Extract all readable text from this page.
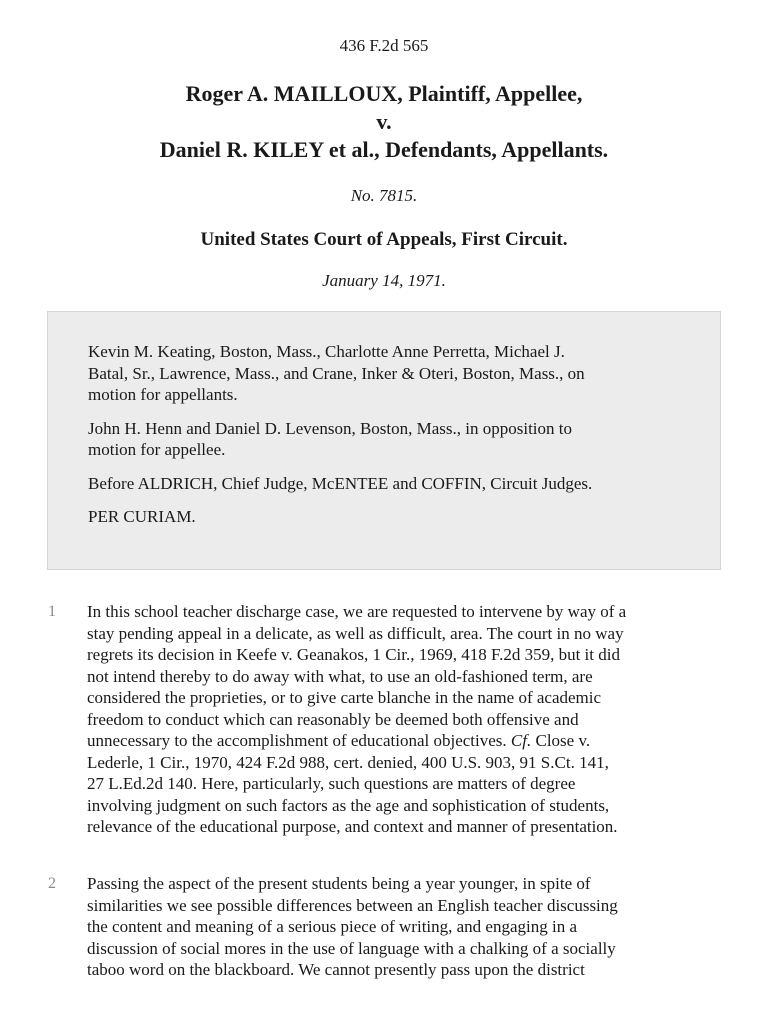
436 F.2d 565
Roger A. MAILLOUX, Plaintiff, Appellee,
v.
Daniel R. KILEY et al., Defendants, Appellants.
No. 7815.
United States Court of Appeals, First Circuit.
January 14, 1971.

Kevin M. Keating, Boston, Mass., Charlotte Anne Perretta, Michael J.
Batal, Sr., Lawrence, Mass., and Crane, Inker & Oteri, Boston, Mass., on
motion for appellants.

John H. Henn and Daniel D. Levenson, Boston, Mass., in opposition to
motion for appellee.

Before ALDRICH, Chief Judge, McENTEE and COFFIN, Circuit Judges.

PER CURIAM.

1 In this school teacher discharge case, we are requested to intervene by way of a
stay pending appeal in a delicate, as well as difficult, area. The court in no way
regrets its decision in Keefe v. Geanakos, 1 Cir., 1969, 418 F.2d 359, but it did
not intend thereby to do away with what, to use an old-fashioned term, are
considered the proprieties, or to give carte blanche in the name of academic
freedom to conduct which can reasonably be deemed both offensive and
unnecessary to the accomplishment of educational objectives. Cf. Close v.
Lederle, 1 Cir., 1970, 424 F.2d 988, cert. denied, 400 U.S. 903, 91 S.Ct. 141,
27 L.Ed.2d 140. Here, particularly, such questions are matters of degree
involving judgment on such factors as the age and sophistication of students,
relevance of the educational purpose, and context and manner of presentation.
2 Passing the aspect of the present students being a year younger, in spite of
similarities we see possible differences between an English teacher discussing
the content and meaning of a serious piece of writing, and engaging in a
discussion of social mores in the use of language with a chalking of a socially
taboo word on the blackboard. We cannot presently pass upon the district
